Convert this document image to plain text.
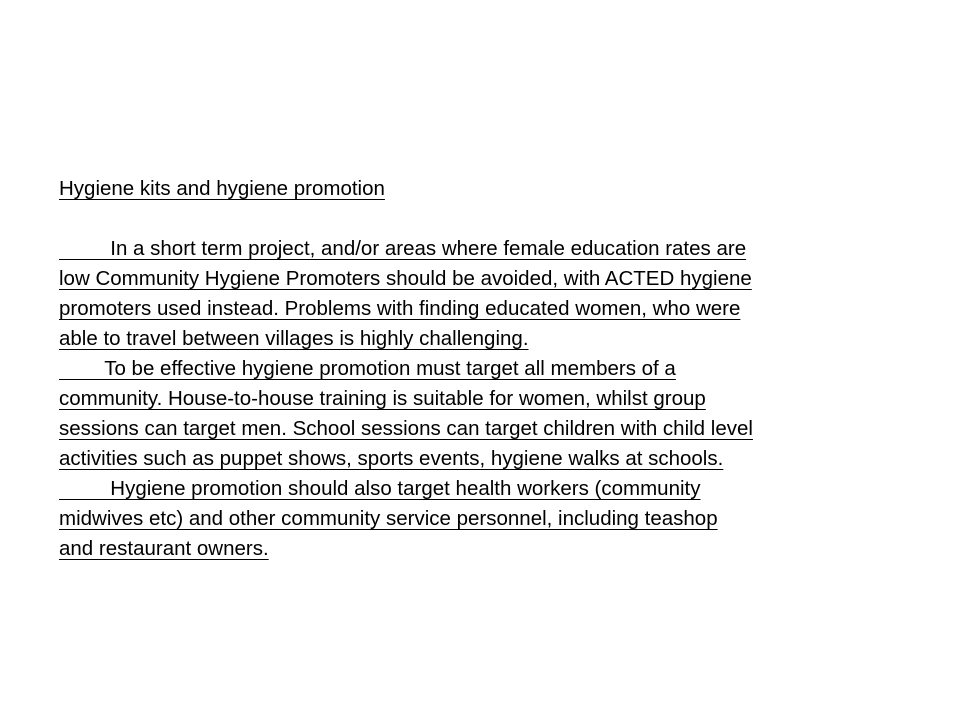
Hygiene kits and hygiene promotion
In a short term project, and/or areas where female education rates are
low Community Hygiene Promoters should be avoided, with ACTED hygiene
promoters used instead. Problems with finding educated women, who were
able to travel between villages is highly challenging.
To be effective hygiene promotion must target all members of a
community. House-to-house training is suitable for women, whilst group
sessions can target men. School sessions can target children with child level
activities such as puppet shows, sports events, hygiene walks at schools.
Hygiene promotion should also target health workers (community
midwives etc) and other community service personnel, including teashop
and restaurant owners.
